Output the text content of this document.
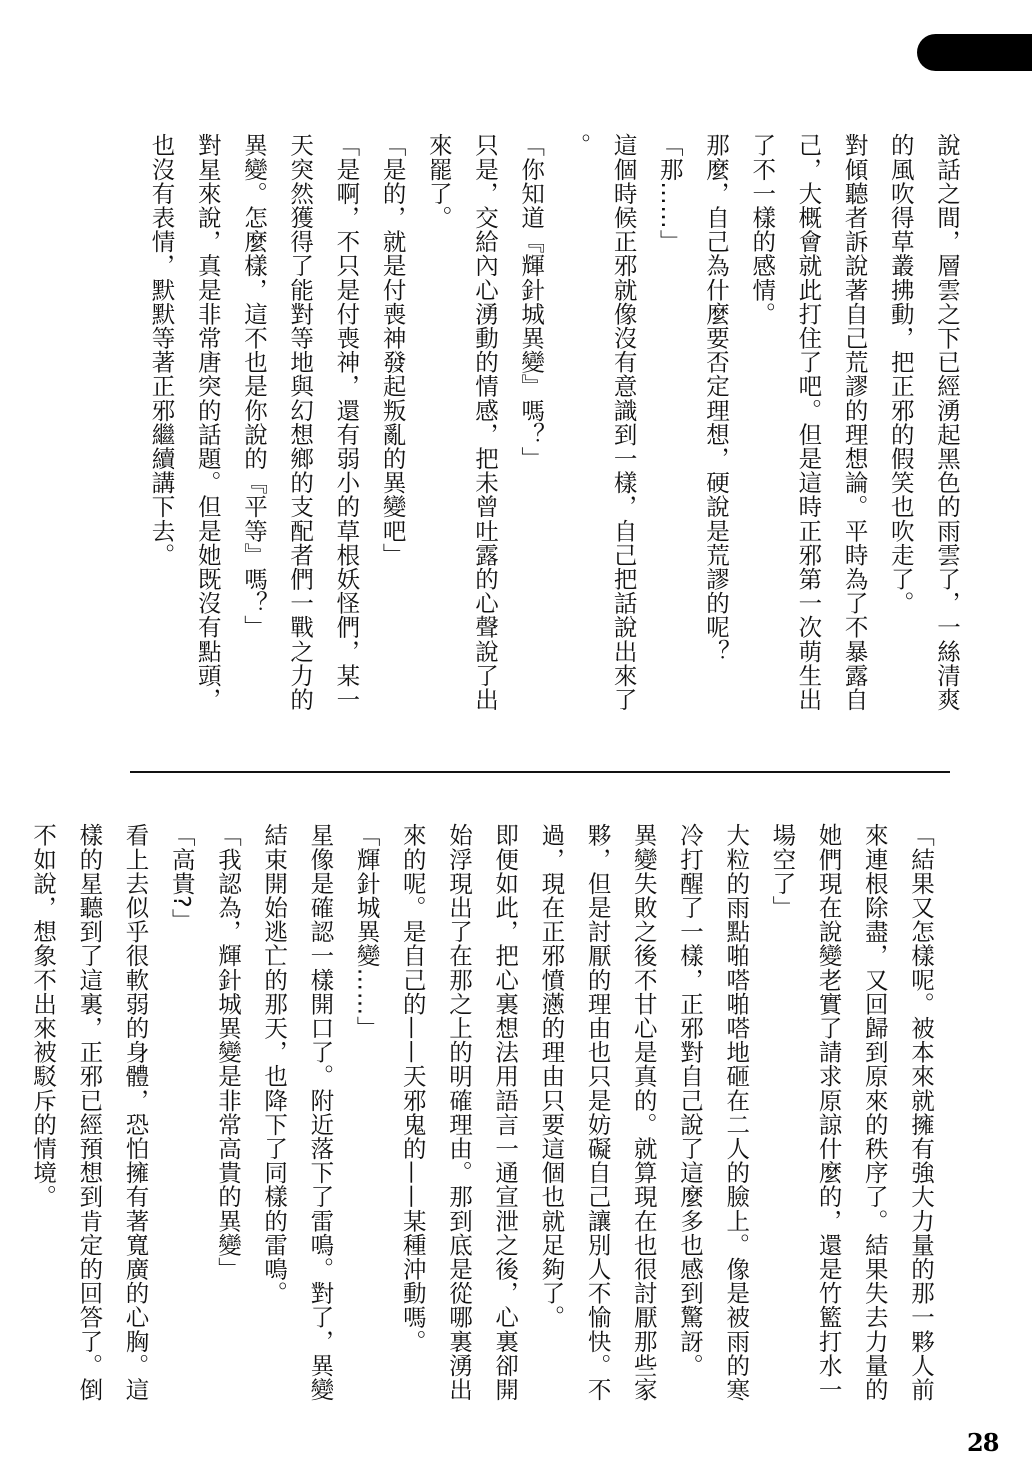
說話之間，層雲之下已經湧起黑色的雨雲了，一絲清爽
的風吹得草叢拂動，把正邪的假笑也吹走了。
對傾聽者訴說著自己荒謬的理想論。平時為了不暴露自
己，大概會就此打住了吧。但是這時正邪第一次萌生出
了不一樣的感情。
那麼，自己為什麼要否定理想，硬說是荒謬的呢？
「那……」
這個時候正邪就像沒有意識到一樣，自己把話說出來了
。
「你知道『輝針城異變』嗎？」
只是，交給內心湧動的情感，把未曾吐露的心聲說了出
來罷了。
「是的，就是付喪神發起叛亂的異變吧」
「是啊，不只是付喪神，還有弱小的草根妖怪們，某一
天突然獲得了能對等地與幻想鄉的支配者們一戰之力的
異變。怎麼樣，這不也是你說的『平等』嗎？」
對星來說，真是非常唐突的話題。但是她既沒有點頭，
也沒有表情，默默等著正邪繼續講下去。
「結果又怎樣呢。被本來就擁有強大力量的那一夥人前
來連根除盡，又回歸到原來的秩序了。結果失去力量的
她們現在說變老實了請求原諒什麼的，還是竹籃打水一
場空了」
大粒的雨點啪嗒啪嗒地砸在二人的臉上。像是被雨的寒
冷打醒了一樣，正邪對自己說了這麼多也感到驚訝。
異變失敗之後不甘心是真的。就算現在也很討厭那些家
夥，但是討厭的理由也只是妨礙自己讓別人不愉快。不
過，現在正邪憤懣的理由只要這個也就足夠了。
即便如此，把心裏想法用語言一通宣泄之後，心裏卻開
始浮現出了在那之上的明確理由。那到底是從哪裏湧出
來的呢。是自己的——天邪鬼的——某種沖動嗎。
「輝針城異變……」
星像是確認一樣開口了。附近落下了雷鳴。對了，異變
結束開始逃亡的那天，也降下了同樣的雷鳴。
「我認為，輝針城異變是非常高貴的異變」
「高貴?」
看上去似乎很軟弱的身體，恐怕擁有著寬廣的心胸。這
樣的星聽到了這裏，正邪已經預想到肯定的回答了。倒
不如說，想象不出來被駁斥的情境。
28
